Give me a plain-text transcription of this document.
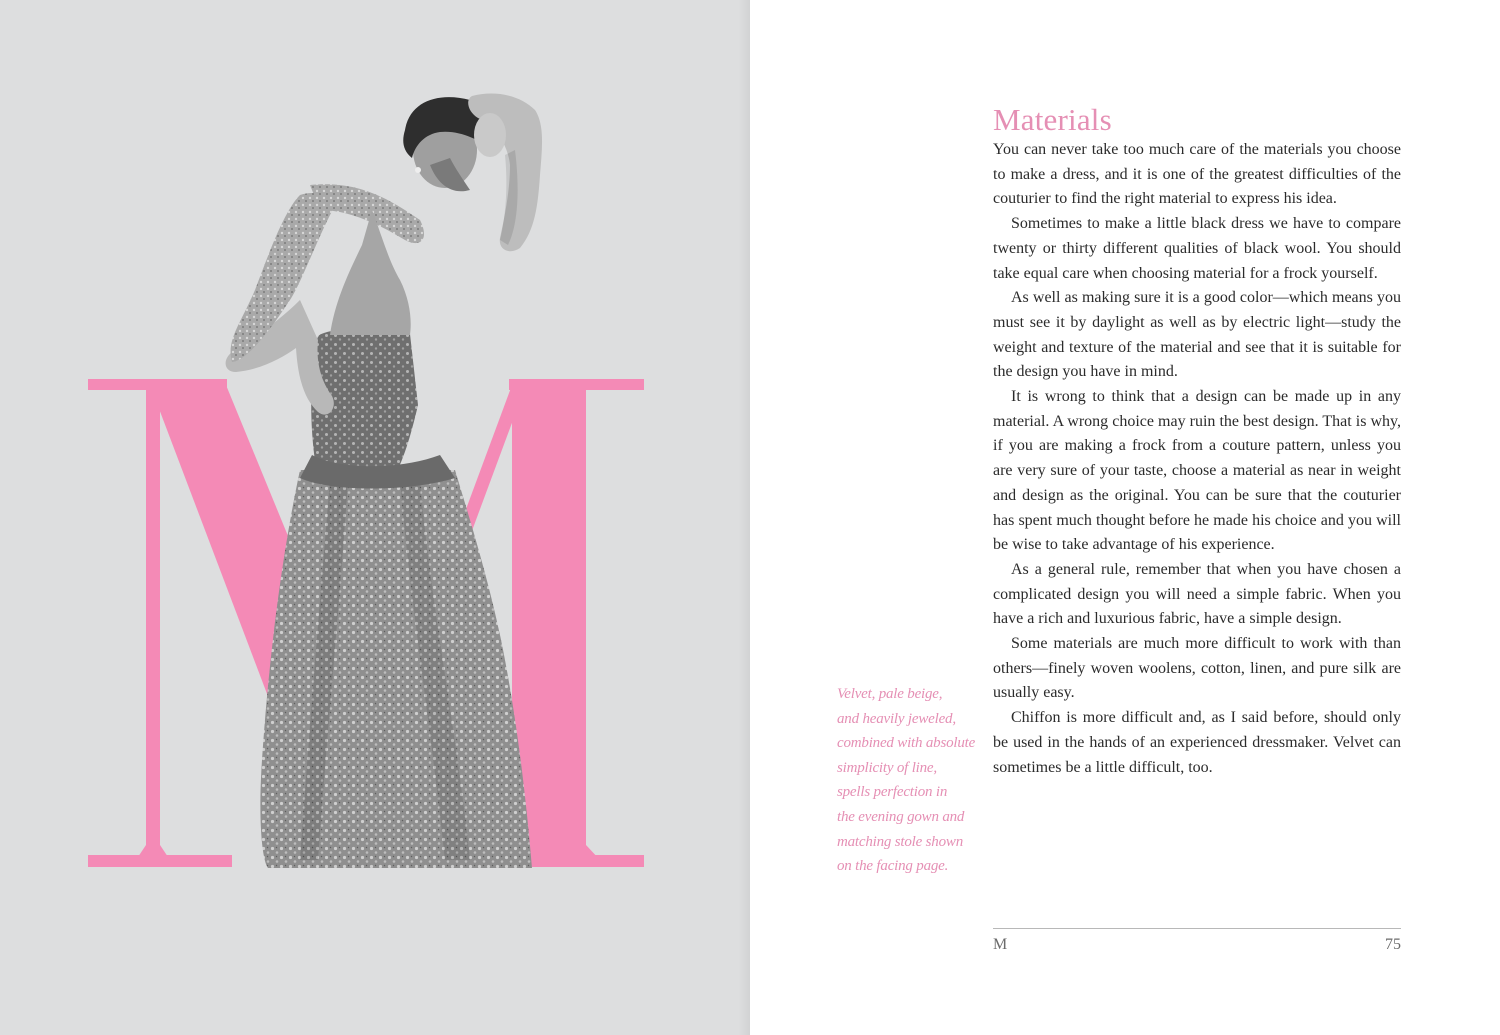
Velvet, pale beige,
and heavily jeweled,
combined with absolute
simplicity of line,
spells perfection in
the evening gown and
matching stole shown
on the facing page.
Materials

You can never take too much care of the materials you choose to make a dress, and it is one of the greatest difficulties of the couturier to find the right material to express his idea.

Sometimes to make a little black dress we have to compare twenty or thirty different qualities of black wool. You should take equal care when choosing material for a frock yourself.

As well as making sure it is a good color—which means you must see it by daylight as well as by electric light—study the weight and texture of the material and see that it is suitable for the design you have in mind.

It is wrong to think that a design can be made up in any material. A wrong choice may ruin the best design. That is why, if you are making a frock from a couture pattern, unless you are very sure of your taste, choose a material as near in weight and design as the original. You can be sure that the couturier has spent much thought before he made his choice and you will be wise to take advantage of his experience.

As a general rule, remember that when you have chosen a complicated design you will need a simple fabric. When you have a rich and luxurious fabric, have a simple design.

Some materials are much more difficult to work with than others—finely woven woolens, cotton, linen, and pure silk are usually easy.

Chiffon is more difficult and, as I said before, should only be used in the hands of an experienced dressmaker. Velvet can sometimes be a little difficult, too.

M	75
